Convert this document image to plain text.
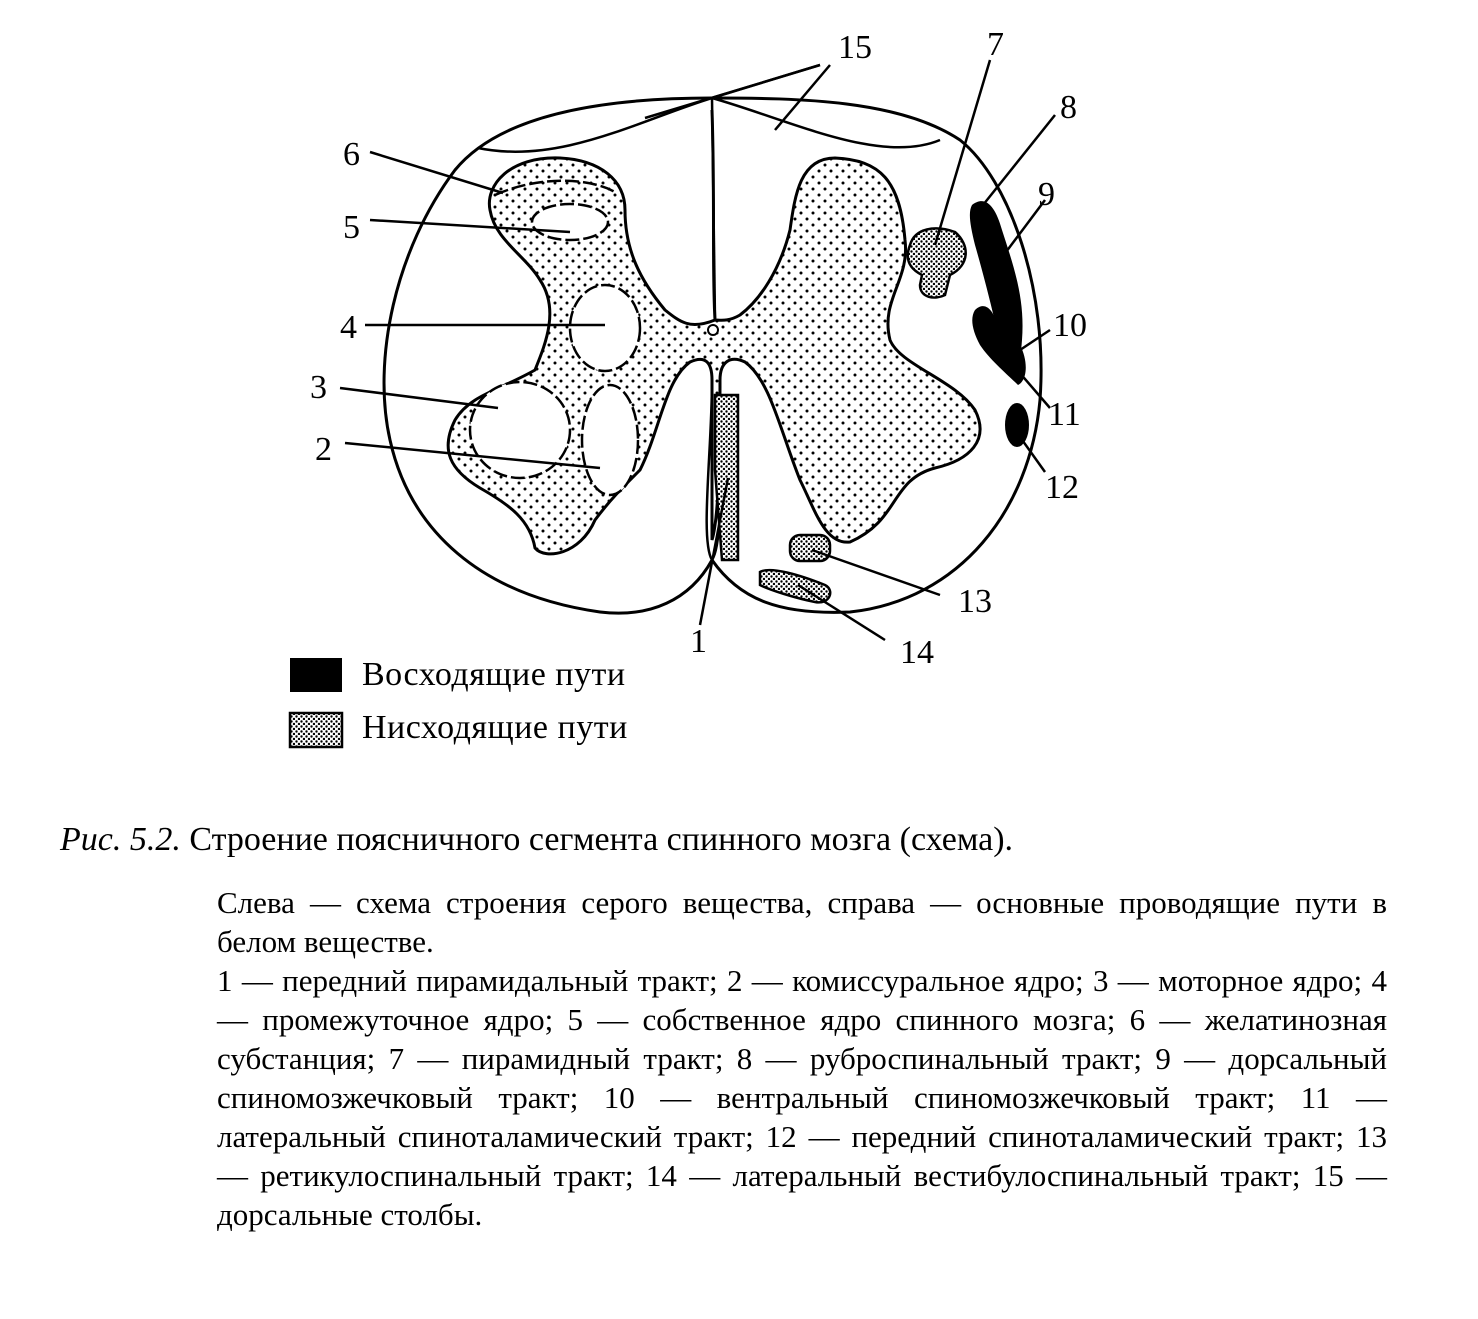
15	7
8
9
10
11
12
13
14
1
6
5
4
3
2
Восходящие пути
Нисходящие пути
Рис. 5.2. Строение поясничного сегмента спинного мозга (схема).

Слева — схема строения серого вещества, справа — основные проводящие пути в белом веществе.

1 — передний пирамидальный тракт; 2 — комиссуральное ядро; 3 — моторное ядро; 4 — промежуточное ядро; 5 — собственное ядро спинного мозга; 6 — желатинозная субстанция; 7 — пирамидный тракт; 8 — руброспинальный тракт; 9 — дорсальный спиномозжечковый тракт; 10 — вентральный спиномозжечковый тракт; 11 — латеральный спиноталамический тракт; 12 — передний спиноталамический тракт; 13 — ретикулоспинальный тракт; 14 — латеральный вестибулоспинальный тракт; 15 — дорсальные столбы.
